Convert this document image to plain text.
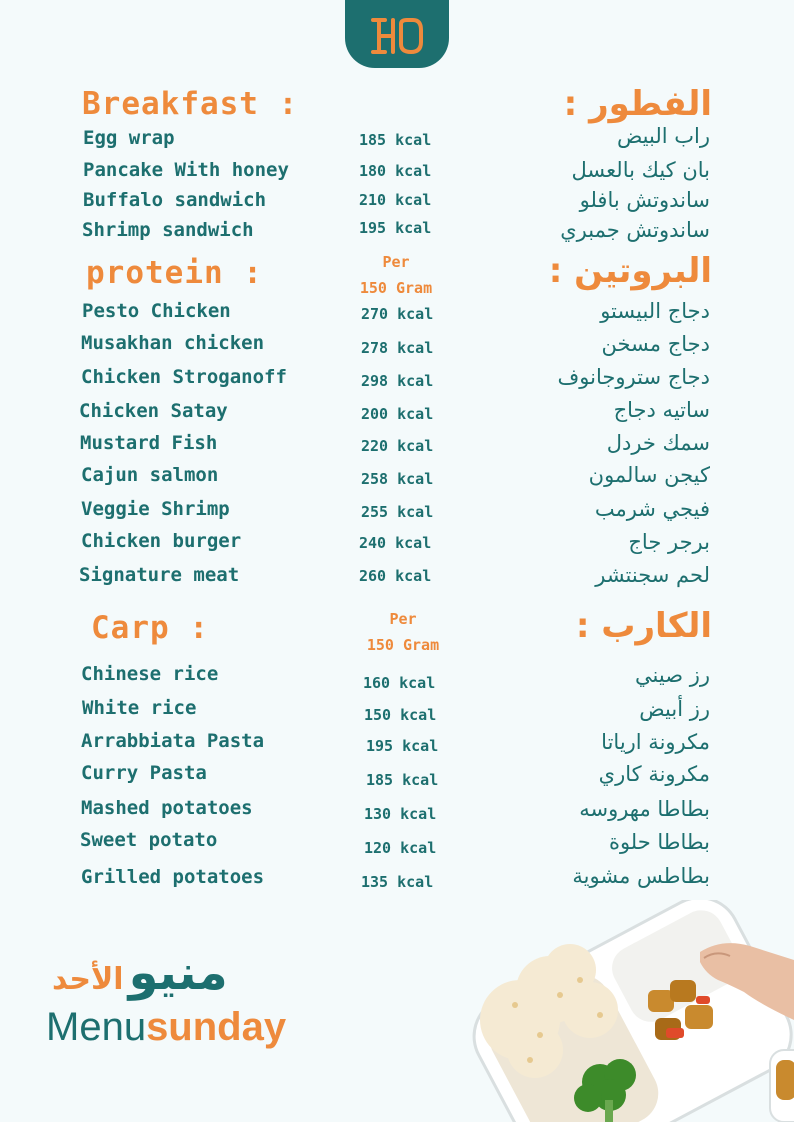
Breakfast :	الفطور :
Egg wrap	185 kcal	راب البيض
Pancake With honey	180 kcal	بان كيك بالعسل
Buffalo sandwich	210 kcal	ساندوتش بافلو
Shrimp sandwich	195 kcal	ساندوتش جمبري
protein :	Per
150 Gram	البروتين :
Pesto Chicken	270 kcal	دجاج البيستو
Musakhan chicken	278 kcal	دجاج مسخن
Chicken Stroganoff	298 kcal	دجاج ستروجانوف
Chicken Satay	200 kcal	ساتيه دجاج
Mustard Fish	220 kcal	سمك خردل
Cajun salmon	258 kcal	كيجن سالمون
Veggie Shrimp	255 kcal	فيجي شرمب
Chicken burger	240 kcal	برجر جاج
Signature meat	260 kcal	لحم سجنتشر
Carp :	Per
150 Gram	الكارب :
Chinese rice	160 kcal	رز صيني
White rice	150 kcal	رز أبيض
Arrabbiata Pasta	195 kcal	مكرونة ارياتا
Curry Pasta	185 kcal	مكرونة كاري
Mashed potatoes	130 kcal	بطاطا مهروسه
Sweet potato	120 kcal	بطاطا حلوة
Grilled potatoes	135 kcal	بطاطس مشوية
منيو الأحد
Menusunday
